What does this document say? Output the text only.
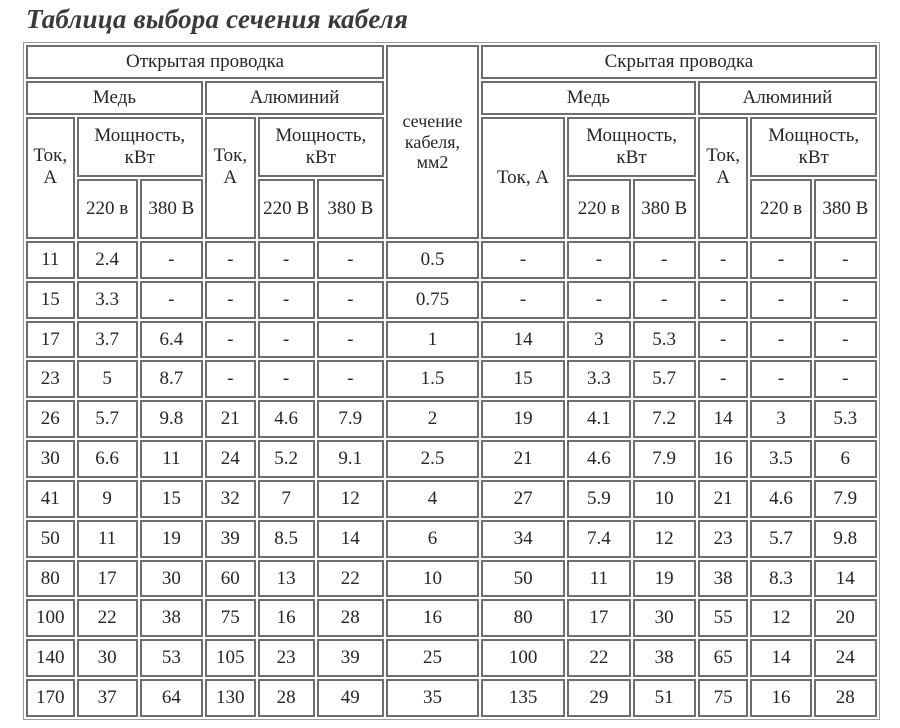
Таблица выбора сечения кабеля
Открытая проводка						сечение кабеля, мм2	Скрытая проводка					
Медь			Алюминий				Медь			Алюминий		
Ток, А	Мощность, кВт		Ток, А	Мощность, кВт			Ток, А	Мощность, кВт		Ток, А	Мощность, кВт	
	220 в	380 В		220 В	380 В			220 в	380 В		220 в	380 В
11	2.4	-	-	-	-	0.5	-	-	-	-	-	-
15	3.3	-	-	-	-	0.75	-	-	-	-	-	-
17	3.7	6.4	-	-	-	1	14	3	5.3	-	-	-
23	5	8.7	-	-	-	1.5	15	3.3	5.7	-	-	-
26	5.7	9.8	21	4.6	7.9	2	19	4.1	7.2	14	3	5.3
30	6.6	11	24	5.2	9.1	2.5	21	4.6	7.9	16	3.5	6
41	9	15	32	7	12	4	27	5.9	10	21	4.6	7.9
50	11	19	39	8.5	14	6	34	7.4	12	23	5.7	9.8
80	17	30	60	13	22	10	50	11	19	38	8.3	14
100	22	38	75	16	28	16	80	17	30	55	12	20
140	30	53	105	23	39	25	100	22	38	65	14	24
170	37	64	130	28	49	35	135	29	51	75	16	28
